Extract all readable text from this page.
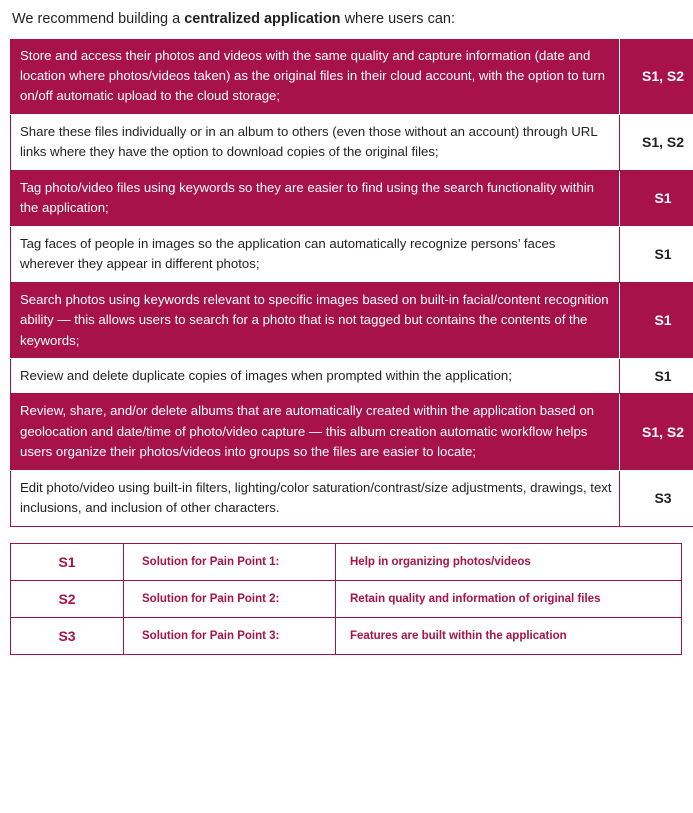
We recommend building a centralized application where users can:

Store and access their photos and videos with the same quality and capture information (date and location where photos/videos taken) as the original files in their cloud account, with the option to turn on/off automatic upload to the cloud storage;	S1, S2
Share these files individually or in an album to others (even those without an account) through URL links where they have the option to download copies of the original files;	S1, S2
Tag photo/video files using keywords so they are easier to find using the search functionality within the application;	S1
Tag faces of people in images so the application can automatically recognize persons’ faces wherever they appear in different photos;	S1
Search photos using keywords relevant to specific images based on built-in facial/content recognition ability — this allows users to search for a photo that is not tagged but contains the contents of the keywords;	S1
Review and delete duplicate copies of images when prompted within the application;	S1
Review, share, and/or delete albums that are automatically created within the application based on geolocation and date/time of photo/video capture — this album creation automatic workflow helps users organize their photos/videos into groups so the files are easier to locate;	S1, S2
Edit photo/video using built-in filters, lighting/color saturation/contrast/size adjustments, drawings, text inclusions, and inclusion of other characters.	S3
S1	Solution for Pain Point 1:	Help in organizing photos/videos
S2	Solution for Pain Point 2:	Retain quality and information of original files
S3	Solution for Pain Point 3:	Features are built within the application
